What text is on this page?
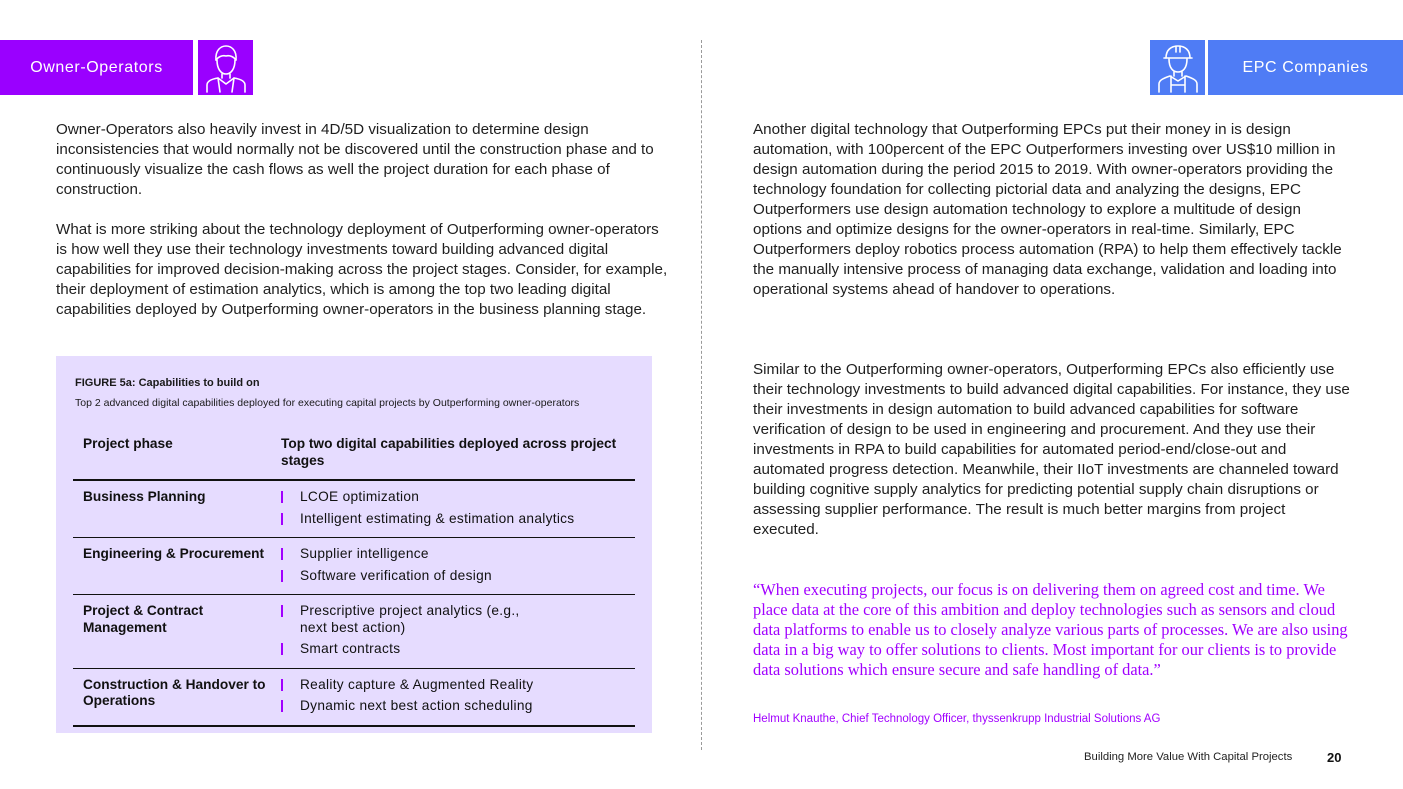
Owner-Operators	EPC Companies

Owner-Operators also heavily invest in 4D/5D visualization to determine design inconsistencies that would normally not be discovered until the construction phase and to continuously visualize the cash flows as well the project duration for each phase of construction.

What is more striking about the technology deployment of Outperforming owner-operators is how well they use their technology investments toward building advanced digital capabilities for improved decision-making across the project stages. Consider, for example, their deployment of estimation analytics, which is among the top two leading digital capabilities deployed by Outperforming owner-operators in the business planning stage.

FIGURE 5a: Capabilities to build on
Top 2 advanced digital capabilities deployed for executing capital projects by Outperforming owner-operators
Project phase	Top two digital capabilities deployed across project stages
Business Planning	LCOE optimization
Intelligent estimating & estimation analytics

Engineering & Procurement	Supplier intelligence
Software verification of design

Project & Contract Management	Prescriptive project analytics (e.g., next best action)
Smart contracts

Construction & Handover to Operations	Reality capture & Augmented Reality
Dynamic next best action scheduling

Another digital technology that Outperforming EPCs put their money in is design automation, with 100percent of the EPC Outperformers investing over US$10 million in design automation during the period 2015 to 2019. With owner-operators providing the technology foundation for collecting pictorial data and analyzing the designs, EPC Outperformers use design automation technology to explore a multitude of design options and optimize designs for the owner-operators in real-time. Similarly, EPC Outperformers deploy robotics process automation (RPA) to help them effectively tackle the manually intensive process of managing data exchange, validation and loading into operational systems ahead of handover to operations.

Similar to the Outperforming owner-operators, Outperforming EPCs also efficiently use their technology investments to build advanced digital capabilities. For instance, they use their investments in design automation to build advanced capabilities for software verification of design to be used in engineering and procurement. And they use their investments in RPA to build capabilities for automated period-end/close-out and automated progress detection. Meanwhile, their IIoT investments are channeled toward building cognitive supply analytics for predicting potential supply chain disruptions or assessing supplier performance. The result is much better margins from project executed.

“When executing projects, our focus is on delivering them on agreed cost and time. We place data at the core of this ambition and deploy technologies such as sensors and cloud data platforms to enable us to closely analyze various parts of processes. We are also using data in a big way to offer solutions to clients. Most important for our clients is to provide data solutions which ensure secure and safe handling of data.”

Helmut Knauthe, Chief Technology Officer, thyssenkrupp Industrial Solutions AG

Building More Value With Capital Projects	20
